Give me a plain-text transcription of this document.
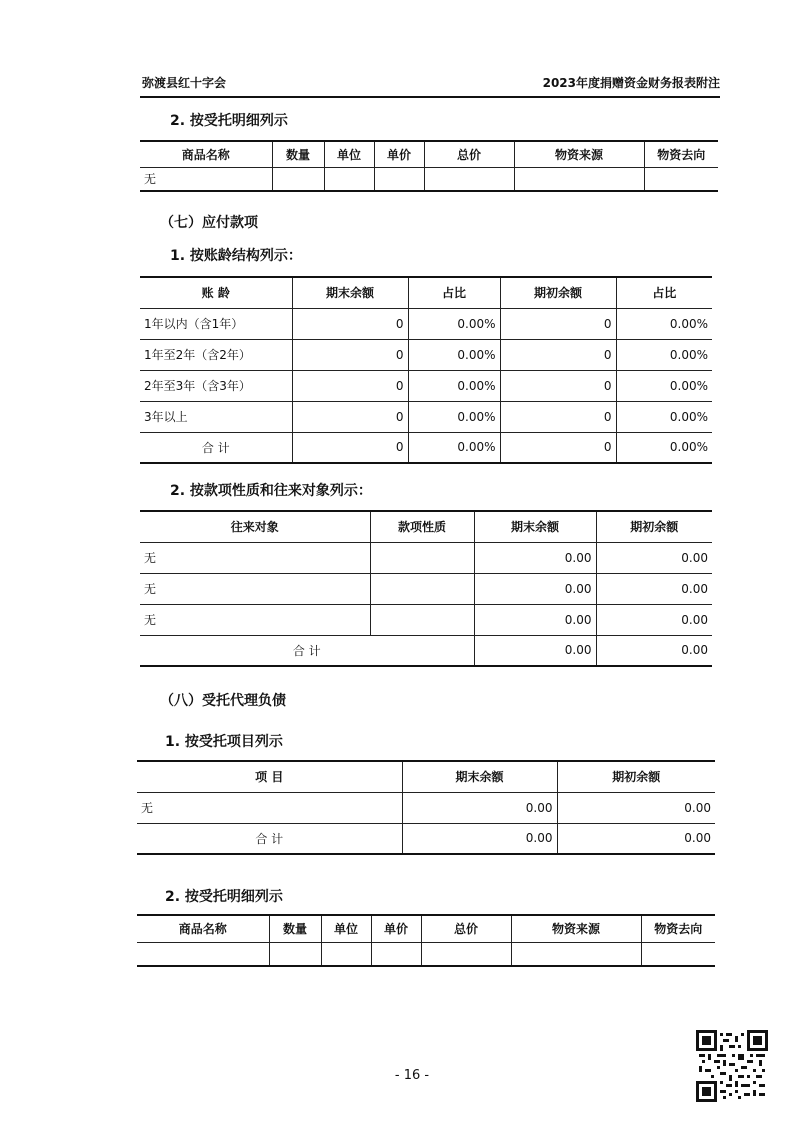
弥渡县红十字会	2023年度捐赠资金财务报表附注
2. 按受托明细列示
商品名称	数量	单位	单价	总价	物资来源	物资去向
无						
（七）应付款项
1. 按账龄结构列示：
账 龄	期末余额	占比	期初余额	占比
1年以内（含1年）	0	0.00%	0	0.00%
1年至2年（含2年）	0	0.00%	0	0.00%
2年至3年（含3年）	0	0.00%	0	0.00%
3年以上	0	0.00%	0	0.00%
合 计	0	0.00%	0	0.00%
2. 按款项性质和往来对象列示：
往来对象	款项性质	期末余额	期初余额
无		0.00	0.00
无		0.00	0.00
无		0.00	0.00
合 计		0.00	0.00
（八）受托代理负债
1. 按受托项目列示
项 目	期末余额	期初余额
无	0.00	0.00
合 计	0.00	0.00
2. 按受托明细列示
商品名称	数量	单位	单价	总价	物资来源	物资去向

- 16 -
